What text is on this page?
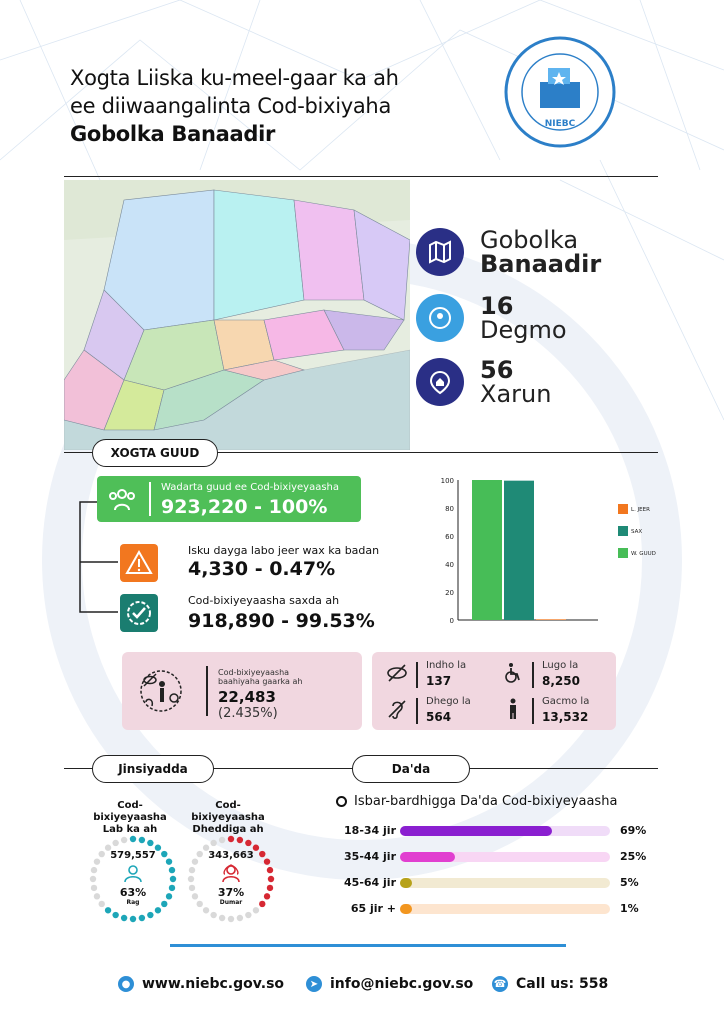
Xogta Liiska ku-meel-gaar ka ah
ee diiwaangalinta Cod-bixiyaha
Gobolka Banaadir	NIEBC
Gobolka
Banaadir
16
Degmo
56
Xarun
XOGTA GUUD
Wadarta guud ee Cod-bixiyeyaasha
923,220 - 100%
Isku dayga labo jeer wax ka badan
4,330 - 0.47%
Cod-bixiyeyaasha saxda ah
918,890 - 99.53%	0
20
40
60
80
100
L. JEER
SAX
W. GUUD
Cod-bixiyeyaasha baahiyaha gaarka ah
22,483
(2.435%)
Indho la
137
Lugo la
8,250
Dhego la
564
Gacmo la
13,532
Jinsiyadda	Da'da
Cod-bixiyeyaasha
Lab ka ah
Cod-bixiyeyaasha
Dheddiga ah
579,557
63%
Rag
343,663
37%
Dumar
Isbar-bardhigga Da'da Cod-bixiyeyaasha
18-34 jir	69%
35-44 jir	25%
45-64 jir	5%
65 jir +	1%
● www.niebc.gov.so	➤ info@niebc.gov.so ☎ Call us: 558
